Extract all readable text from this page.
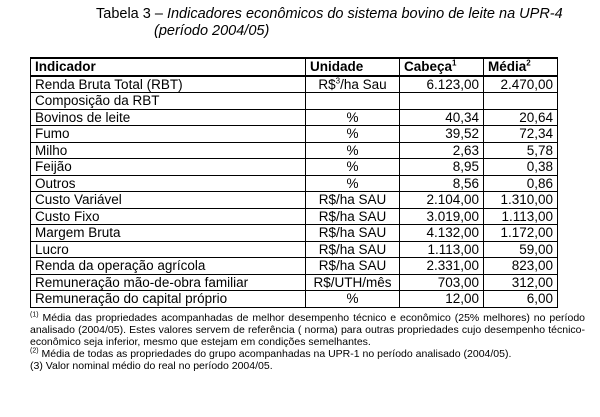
Tabela 3 – Indicadores econômicos do sistema bovino de leite na UPR-4
(período 2004/05)
Indicador	Unidade	Cabeça$^1$	Média$^2$
Renda Bruta Total (RBT)	R\$$^3$/ha Sau	6.123,00	2.470,00
Composição da RBT			
Bovinos de leite	%	40,34	20,64
Fumo	%	39,52	72,34
Milho	%	2,63	5,78
Feijão	%	8,95	0,38
Outros	%	8,56	0,86
Custo Variável	R$/ha SAU	2.104,00	1.310,00
Custo Fixo	R$/ha SAU	3.019,00	1.113,00
Margem Bruta	R$/ha SAU	4.132,00	1.172,00
Lucro	R$/ha SAU	1.113,00	59,00
Renda da operação agrícola	R$/ha SAU	2.331,00	823,00
Remuneração mão-de-obra familiar	R$/UTH/mês	703,00	312,00
Remuneração do capital próprio	%	12,00	6,00

$^{(1)}$ Média das propriedades acompanhadas de melhor desempenho técnico e econômico (25% melhores) no período analisado (2004/05). Estes valores servem de referência ( norma) para outras propriedades cujo desempenho técnico-econômico seja inferior, mesmo que estejam em condições semelhantes.

$^{(2)}$ Média de todas as propriedades do grupo acompanhadas na UPR-1 no período analisado (2004/05).

(3) Valor nominal médio do real no período 2004/05.
